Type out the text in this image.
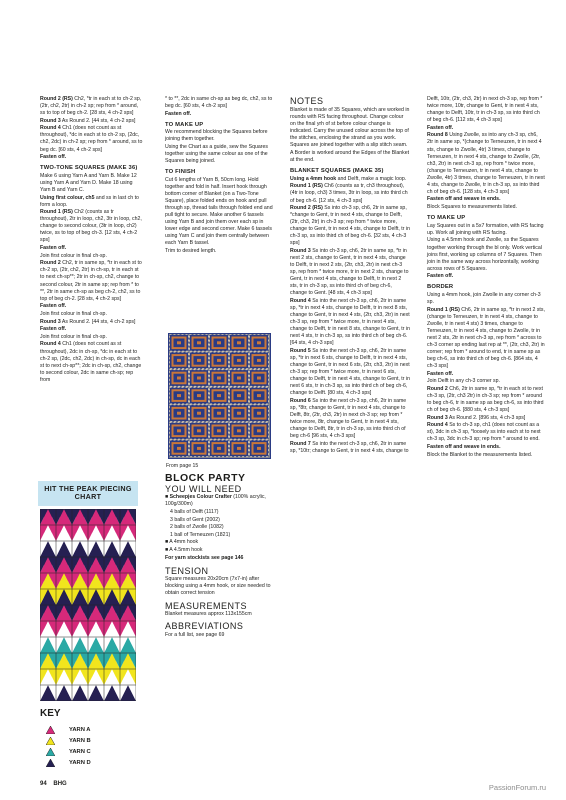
Round 2 (RS) Ch2, *tr in each st to ch-2 sp, (2tr, ch2, 2tr) in ch-2 sp; rep from * around, ss to top of beg ch-2. [28 sts, 4 ch-2 sps]

Round 3 As Round 2. [44 sts, 4 ch-2 sps]

Round 4 Ch1 (does not count as st throughout), *dc in each st to ch-2 sp, (2dc, ch2, 2dc) in ch-2 sp; rep from * around, ss to beg dc. [60 sts, 4 ch-2 sps]

Fasten off.

TWO-TONE SQUARES (MAKE 36)

Make 6 using Yarn A and Yarn B. Make 12 using Yarn A and Yarn D. Make 18 using Yarn B and Yarn C.

Using first colour, ch5 and ss in last ch to form a loop.

Round 1 (RS) Ch2 (counts as tr throughout), 2tr in loop, ch2, 3tr in loop, ch2, change to second colour, (3tr in loop, ch2) twice, ss to top of beg ch-3. [12 sts, 4 ch-2 sps]

Fasten off.

Join first colour in final ch-sp.

Round 2 Ch2, tr in same sp, *tr in each st to ch-2 sp, (2tr, ch2, 2tr) in ch-sp, tr in each st to next ch-sp**; 2tr in ch-sp, ch2, change to second colour, 2tr in same sp; rep from * to **, 2tr in same ch-sp as beg ch-2, ch2, ss to top of beg ch-2. [28 sts, 4 ch-2 sps]

Fasten off.

Join first colour in final ch-sp.

Round 3 As Round 2. [44 sts, 4 ch-2 sps]

Fasten off.

Join first colour in final ch-sp.

Round 4 Ch1 (does not count as st throughout), 2dc in ch-sp, *dc in each st to ch-2 sp, (2dc, ch2, 2dc) in ch-sp, dc in each st to next ch-sp**; 2dc in ch-sp, ch2, change to second colour, 2dc in same ch-sp; rep from

HIT THE PEAK PIECING CHART
KEY
YARN A
YARN B
YARN C
YARN D

* to **, 2dc in same ch-sp as beg dc, ch2, ss to beg dc. [60 sts, 4 ch-2 sps]

Fasten off.

TO MAKE UP

We recommend blocking the Squares before joining them together.

Using the Chart as a guide, sew the Squares together using the same colour as one of the Squares being joined.

TO FINISH

Cut 6 lengths of Yarn B, 50cm long. Hold together and fold in half. Insert hook through bottom corner of Blanket (on a Two-Tone Square), place folded ends on hook and pull through sp, thread tails through folded end and pull tight to secure. Make another 6 tassels using Yarn B and join them over each sp in lower edge and second corner. Make 6 tassels using Yarn C and join them centrally between each Yarn B tassel.

Trim to desired length.

From page 15

BLOCK PARTY

YOU WILL NEED

■ Scheepjes Colour Crafter (100% acrylic, 100g/300m)

4 balls of Delft (1117)

3 balls of Gent (2002)

2 balls of Zwolle (1082)

1 ball of Terneuzen (1821)

■ A 4mm hook

■ A 4.5mm hook

For yarn stockists see page 146

TENSION

Square measures 20x20cm (7x7-in) after blocking using a 4mm hook, or size needed to obtain correct tension

MEASUREMENTS

Blanket measures approx 113x155cm

ABBREVIATIONS

For a full list, see page 69

NOTES

Blanket is made of 35 Squares, which are worked in rounds with RS facing throughout. Change colour on the final yrh of st before colour change is indicated. Carry the unused colour across the top of the stitches, enclosing the strand as you work.

Squares are joined together with a slip stitch seam.

A Border is worked around the Edges of the Blanket at the end.

BLANKET SQUARES (MAKE 35)

Using a 4mm hook and Delft, make a magic loop.

Round 1 (RS) Ch6 (counts as tr, ch3 throughout), (4tr in loop, ch3) 3 times, 3tr in loop, ss into third ch of beg ch-6. [12 sts, 4 ch-3 sps]

Round 2 (RS) Ss into ch-3 sp, ch6, 2tr in same sp, *change to Gent, tr in next 4 sts, change to Delft, (2tr, ch3, 2tr) in ch-3 sp; rep from * twice more, change to Gent, tr in next 4 sts, change to Delft, tr in ch-3 sp, ss into third ch of beg ch-6. [32 sts, 4 ch-3 sps]

Round 3 Ss into ch-3 sp, ch6, 2tr in same sp, *tr in next 2 sts, change to Gent, tr in next 4 sts, change to Delft, tr in next 2 sts, (2tr, ch3, 2tr) in next ch-3 sp, rep from * twice more, tr in next 2 sts, change to Gent, tr in next 4 sts, change to Delft, tr in next 2 sts, tr in ch-3 sp, ss into third ch of beg ch-6, change to Gent. [48 sts, 4 ch-3 sps]

Round 4 Ss into the next ch-3 sp, ch6, 2tr in same sp, *tr in next 4 sts, change to Delft, tr in next 8 sts, change to Gent, tr in next 4 sts, (2tr, ch3, 2tr) in next ch-3 sp, rep from * twice more, tr in next 4 sts, change to Delft, tr in next 8 sts, change to Gent, tr in next 4 sts, tr in ch-3 sp, ss into third ch of beg ch-6. [64 sts, 4 ch-3 sps]

Round 5 Ss into the next ch-3 sp, ch6, 2tr in same sp, *tr in next 6 sts, change to Delft, tr in next 4 sts, change to Gent, tr in next 6 sts, (2tr, ch3, 2tr) in next ch-3 sp; rep from * twice more, tr in next 6 sts, change to Delft, tr in next 4 sts, change to Gent, tr in next 6 sts, tr in ch-3 sp, ss into third ch of beg ch-6, change to Delft. [80 sts, 4 ch-3 sps]

Round 6 Ss into the next ch-3 sp, ch6, 2tr in same sp, *8tr, change to Gent, tr in next 4 sts, change to Delft, 8tr, (2tr, ch3, 2tr) in next ch-3 sp; rep from * twice more, 8tr, change to Gent, tr in next 4 sts, change to Delft, 8tr, tr in ch-3 sp, ss into third ch of beg ch-6 [96 sts, 4 ch-3 sps]

Round 7 Ss into the next ch-3 sp, ch6, 2tr in same sp, *10tr; change to Gent, tr in next 4 sts, change to

Delft, 10tr, (2tr, ch3, 2tr) in next ch-3 sp, rep from * twice more, 10tr, change to Gent, tr in next 4 sts, change to Delft, 10tr, tr in ch-3 sp, ss into third ch of beg ch-6. [112 sts, 4 ch-3 sps]

Fasten off.

Round 8 Using Zwolle, ss into any ch-3 sp, ch6, 2tr in same sp, *(change to Terneuzen, tr in next 4 sts, change to Zwolle, 4tr) 3 times, change to Terneuzen, tr in next 4 sts, change to Zwolle, (2tr, ch3, 2tr) in next ch-3 sp, rep from * twice more, (change to Terneuzen, tr in next 4 sts, change to Zwolle, 4tr) 3 times, change to Terneuzen, tr in next 4 sts, change to Zwolle, tr in ch-3 sp, ss into third ch of beg ch-6. [128 sts, 4 ch-3 sps]

Fasten off and weave in ends.

Block Squares to measurements listed.

TO MAKE UP

Lay Squares out in a 5x7 formation, with RS facing up. Work all joining with RS facing.

Using a 4.5mm hook and Zwolle, ss the Squares together working through the bl only. Work vertical joins first, working up columns of 7 Squares. Then join in the same way across horizontally, working across rows of 5 Squares.

Fasten off.

BORDER

Using a 4mm hook, join Zwolle in any corner ch-3 sp.

Round 1 (RS) Ch6, 2tr in same sp, *tr in next 2 sts, (change to Terneuzen, tr in next 4 sts, change to Zwolle, tr in next 4 sts) 3 times, change to Terneuzen, tr in next 4 sts, change to Zwolle, tr in next 2 sts, 2tr in next ch-3 sp, rep from * across to ch-3 corner sp ending last rep at **, (2tr, ch3, 2tr) in corner; rep from * around to end, tr in same sp as beg ch-6, ss into third ch of beg ch-6. [864 sts, 4 ch-3 sps]

Fasten off.

Join Delft in any ch-3 corner sp.

Round 2 Ch6, 2tr in same sp, *tr in each st to next ch-3 sp, (2tr, ch3 2tr) in ch-3 sp; rep from * around to beg ch-6, tr in same sp as beg ch-6, ss into third ch of beg ch-6. [880 sts, 4 ch-3 sps]

Round 3 As Round 2. [896 sts, 4 ch-3 sps]

Round 4 Ss to ch-3 sp, ch1 (does not count as a st), 3dc in ch-3 sp, *loosely ss into each st to next ch-3 sp, 3dc in ch-3 sp; rep from * around to end.

Fasten off and weave in ends.

Block the Blanket to the measurements listed.

94 BHG	PassionForum.ru
